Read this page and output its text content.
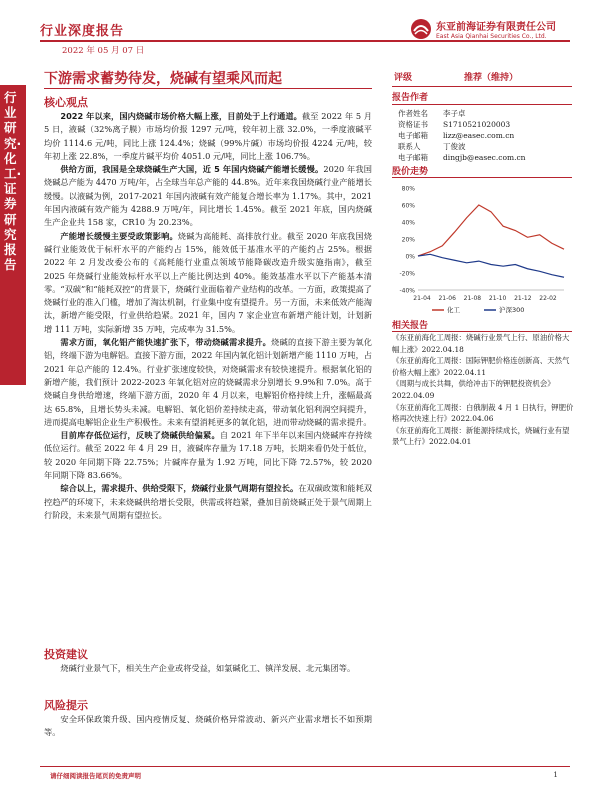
行业深度报告
2022 年 05 月 07 日
东亚前海证券有限责任公司
East Asia Qianhai Securities Co., Ltd.
行业研究·化工·证券研究报告
下游需求蓄势待发，烧碱有望乘风而起
核心观点

2022 年以来，国内烧碱市场价格大幅上涨，目前处于上行通道。截至 2022 年 5 月 5 日，液碱（32%离子膜）市场均价报 1297 元/吨，较年初上涨 32.0%，一季度液碱平均价 1114.6 元/吨，同比上涨 124.4%；烧碱（99%片碱）市场均价报 4224 元/吨，较年初上涨 22.8%，一季度片碱平均价 4051.0 元/吨，同比上涨 106.7%。

供给方面，我国是全球烧碱生产大国，近 5 年国内烧碱产能增长缓慢。2020 年我国烧碱总产能为 4470 万吨/年，占全球当年总产能的 44.8%。近年来我国烧碱行业产能增长缓慢。以液碱为例，2017-2021 年国内液碱有效产能复合增长率为 1.17%。其中，2021 年国内液碱有效产能为 4288.9 万吨/年，同比增长 1.45%。截至 2021 年底，国内烧碱生产企业共 158 家，CR10 为 20.23%。

产能增长缓慢主要受政策影响。烧碱为高能耗、高排放行业。截至 2020 年底我国烧碱行业能效优于标杆水平的产能约占 15%，能效低于基准水平的产能约占 25%。根据 2022 年 2 月发改委公布的《高耗能行业重点领域节能降碳改造升级实施指南》，截至 2025 年烧碱行业能效标杆水平以上产能比例达到 40%。能效基准水平以下产能基本清零。“双碳”和“能耗双控”的背景下，烧碱行业面临着产业结构的改革。一方面，政策提高了烧碱行业的准入门槛，增加了淘汰机制，行业集中度有望提升。另一方面，未来低效产能淘汰，新增产能受限，行业供给趋紧。2021 年，国内 7 家企业宣布新增产能计划，计划新增 111 万吨，实际新增 35 万吨，完成率为 31.5%。

需求方面，氧化铝产能快速扩张下，带动烧碱需求提升。烧碱的直接下游主要为氧化铝，终端下游为电解铝。直接下游方面，2022 年国内氧化铝计划新增产能 1110 万吨，占 2021 年总产能的 12.4%。行业扩张速度较快，对烧碱需求有较快速提升。根据氧化铝的新增产能，我们预计 2022-2023 年氧化铝对应的烧碱需求分别增长 9.9%和 7.0%。高于烧碱自身供给增速，终端下游方面，2020 年 4 月以来，电解铝价格持续上升，涨幅最高达 65.8%，且增长势头未减。电解铝、氧化铝价差持续走高，带动氧化铝利润空间提升，进而提高电解铝企业生产积极性。未来有望消耗更多的氧化铝，进而带动烧碱的需求提升。

目前库存低位运行，反映了烧碱供给偏紧。自 2021 年下半年以来国内烧碱库存持续低位运行。截至 2022 年 4 月 29 日，液碱库存量为 17.18 万吨，长期来看仍处于低位，较 2020 年同期下降 22.75%；片碱库存量为 1.92 万吨，同比下降 72.57%，较 2020 年同期下降 83.66%。

综合以上，需求提升、供给受限下，烧碱行业景气周期有望拉长。在双碳政策和能耗双控趋严的环境下，未来烧碱供给增长受限，供需或将趋紧，叠加目前烧碱正处于景气周期上行阶段，未来景气周期有望拉长。

投资建议

烧碱行业景气下，相关生产企业或将受益，如氯碱化工、镇洋发展、北元集团等。

风险提示

安全环保政策升级、国内疫情反复、烧碱价格异常波动、新兴产业需求增长不如预期等。

评级	推荐（维持）
报告作者
作者姓名 李子卓
资格证书 S1710521020003
电子邮箱 lizz@easec.com.cn
联系人	丁俊波
电子邮箱 dingjb@easec.com.cn
股价走势
80%
60%
40%
20%
0%
-20%
-40%
21-04 21-06 21-08 21-10 21-12 22-02
化工	沪深300
相关报告
《东亚前海化工周报：烧碱行业景气上行、原油价格大幅上涨》2022.04.18
《东亚前海化工周报：国际钾肥价格连创新高、天然气价格大幅上涨》2022.04.11
《周期与成长共舞，供给冲击下的钾肥投资机会》2022.04.09
《东亚前海化工周报：白俄制裁 4 月 1 日执行，钾肥价格再次快速上行》2022.04.06
《东亚前海化工周报：新能源持续成长，烧碱行业有望景气上行》2022.04.01
请仔细阅读报告尾页的免责声明	1
